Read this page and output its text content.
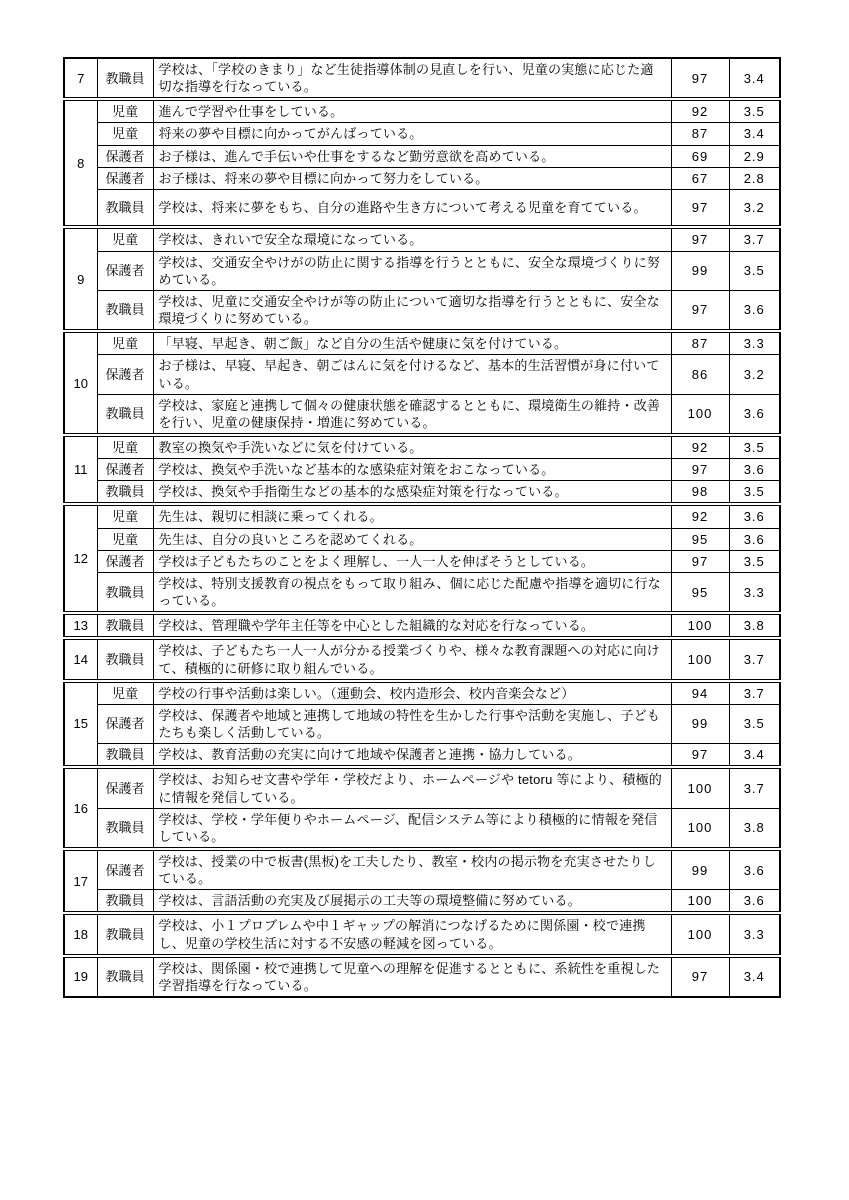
7	教職員	学校は、「学校のきまり」など生徒指導体制の見直しを行い、児童の実態に応じた適切な指導を行なっている。	97	3.4
8	児童	進んで学習や仕事をしている。	92	3.5
	児童	将来の夢や目標に向かってがんばっている。	87	3.4
	保護者	お子様は、進んで手伝いや仕事をするなど勤労意欲を高めている。	69	2.9
	保護者	お子様は、将来の夢や目標に向かって努力をしている。	67	2.8
	教職員	学校は、将来に夢をもち、自分の進路や生き方について考える児童を育てている。	97	3.2
9	児童	学校は、きれいで安全な環境になっている。	97	3.7
	保護者	学校は、交通安全やけがの防止に関する指導を行うとともに、安全な環境づくりに努めている。	99	3.5
	教職員	学校は、児童に交通安全やけが等の防止について適切な指導を行うとともに、安全な環境づくりに努めている。	97	3.6
10	児童	「早寝、早起き、朝ご飯」など自分の生活や健康に気を付けている。	87	3.3
	保護者	お子様は、早寝、早起き、朝ごはんに気を付けるなど、基本的生活習慣が身に付いている。	86	3.2
	教職員	学校は、家庭と連携して個々の健康状態を確認するとともに、環境衛生の維持・改善を行い、児童の健康保持・増進に努めている。	100	3.6
11	児童	教室の換気や手洗いなどに気を付けている。	92	3.5
	保護者	学校は、換気や手洗いなど基本的な感染症対策をおこなっている。	97	3.6
	教職員	学校は、換気や手指衛生などの基本的な感染症対策を行なっている。	98	3.5
12	児童	先生は、親切に相談に乗ってくれる。	92	3.6
	児童	先生は、自分の良いところを認めてくれる。	95	3.6
	保護者	学校は子どもたちのことをよく理解し、一人一人を伸ばそうとしている。	97	3.5
	教職員	学校は、特別支援教育の視点をもって取り組み、個に応じた配慮や指導を適切に行なっている。	95	3.3
13	教職員	学校は、管理職や学年主任等を中心とした組織的な対応を行なっている。	100	3.8
14	教職員	学校は、子どもたち一人一人が分かる授業づくりや、様々な教育課題への対応に向けて、積極的に研修に取り組んでいる。	100	3.7
15	児童	学校の行事や活動は楽しい。（運動会、校内造形会、校内音楽会など）	94	3.7
	保護者	学校は、保護者や地域と連携して地域の特性を生かした行事や活動を実施し、子どもたちも楽しく活動している。	99	3.5
	教職員	学校は、教育活動の充実に向けて地域や保護者と連携・協力している。	97	3.4
16	保護者	学校は、お知らせ文書や学年・学校だより、ホームページや tetoru 等により、積極的に情報を発信している。	100	3.7
	教職員	学校は、学校・学年便りやホームページ、配信システム等により積極的に情報を発信している。	100	3.8
17	保護者	学校は、授業の中で板書(黒板)を工夫したり、教室・校内の掲示物を充実させたりしている。	99	3.6
	教職員	学校は、言語活動の充実及び展掲示の工夫等の環境整備に努めている。	100	3.6
18	教職員	学校は、小１プロブレムや中１ギャップの解消につなげるために関係園・校で連携し、児童の学校生活に対する不安感の軽減を図っている。	100	3.3
19	教職員	学校は、関係園・校で連携して児童への理解を促進するとともに、系統性を重視した学習指導を行なっている。	97	3.4
